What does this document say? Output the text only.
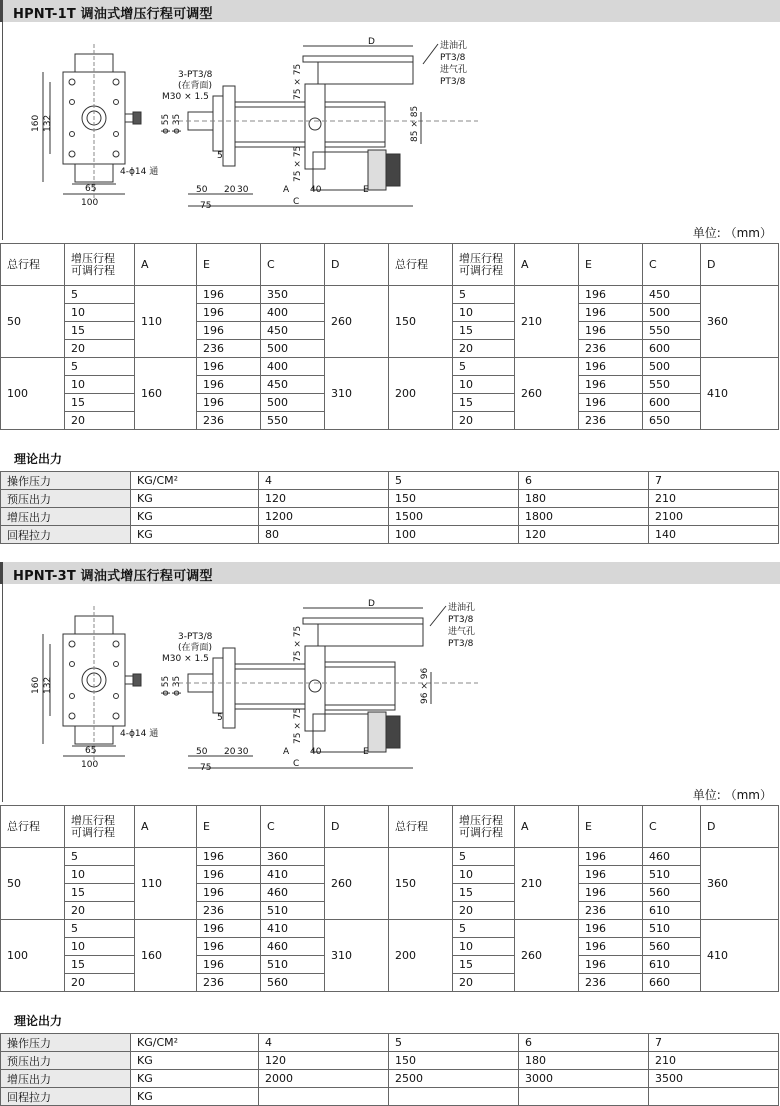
HPNT-1T 调油式增压行程可调型
160 132
65
100
4-ϕ14 通
3-PT3/8
(在背面)
M30 × 1.5
ϕ 55 ϕ 35
5
75 × 75
75 × 75
85 × 85
D
C
A	E
50 20 30	40
75
进油孔
PT3/8
进气孔
PT3/8
单位: （mm）
总行程	增压行程
可调行程	A	E	C	D	总行程	增压行程
可调行程	A	E	C	D
50	5	110	196	350	260	150	5	210	196	450	360
	10		196	400			10		196	500	
	15		196	450			15		196	550	
	20		236	500			20		236	600	
100	5	160	196	400	310	200	5	260	196	500	410
	10		196	450			10		196	550	
	15		196	500			15		196	600	
	20		236	550			20		236	650	
理论出力
操作压力	KG/CM²	4	5	6	7
预压出力	KG	120	150	180	210
增压出力	KG	1200	1500	1800	2100
回程拉力	KG	80	100	120	140
HPNT-3T 调油式增压行程可调型
160 132
65
100
4-ϕ14 通
3-PT3/8
(在背面)
M30 × 1.5
ϕ 55 ϕ 35
5
75 × 75
75 × 75
96 × 96
D
C
A	E
50 20 30	40
75
进油孔
PT3/8
进气孔
PT3/8
单位: （mm）
总行程	增压行程
可调行程	A	E	C	D	总行程	增压行程
可调行程	A	E	C	D
50	5	110	196	360	260	150	5	210	196	460	360
	10		196	410			10		196	510	
	15		196	460			15		196	560	
	20		236	510			20		236	610	
100	5	160	196	410	310	200	5	260	196	510	410
	10		196	460			10		196	560	
	15		196	510			15		196	610	
	20		236	560			20		236	660	
理论出力
操作压力	KG/CM²	4	5	6	7
预压出力	KG	120	150	180	210
增压出力	KG	2000	2500	3000	3500
回程拉力	KG				
